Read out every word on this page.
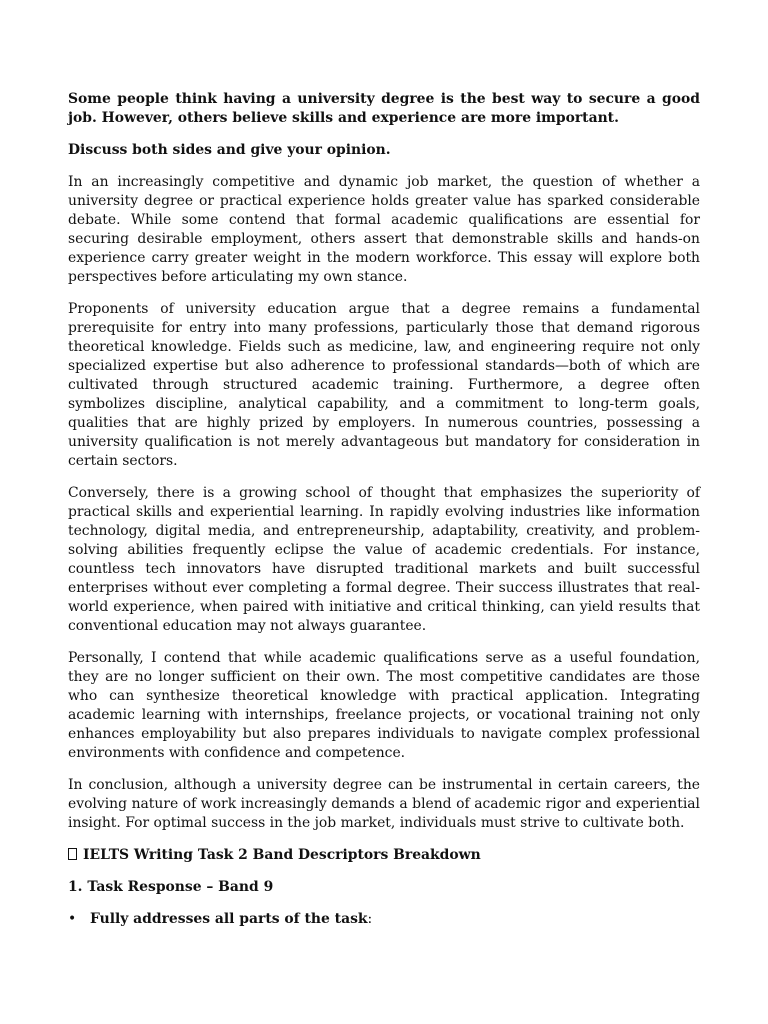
Some people think having a university degree is the best way to secure a good job. However, others believe skills and experience are more important.

Discuss both sides and give your opinion.

In an increasingly competitive and dynamic job market, the question of whether a university degree or practical experience holds greater value has sparked considerable debate. While some contend that formal academic qualifications are essential for securing desirable employment, others assert that demonstrable skills and hands-on experience carry greater weight in the modern workforce. This essay will explore both perspectives before articulating my own stance.

Proponents of university education argue that a degree remains a fundamental prerequisite for entry into many professions, particularly those that demand rigorous theoretical knowledge. Fields such as medicine, law, and engineering require not only specialized expertise but also adherence to professional standards—both of which are cultivated through structured academic training. Furthermore, a degree often symbolizes discipline, analytical capability, and a commitment to long-term goals, qualities that are highly prized by employers. In numerous countries, possessing a university qualification is not merely advantageous but mandatory for consideration in certain sectors.

Conversely, there is a growing school of thought that emphasizes the superiority of practical skills and experiential learning. In rapidly evolving industries like information technology, digital media, and entrepreneurship, adaptability, creativity, and problem-solving abilities frequently eclipse the value of academic credentials. For instance, countless tech innovators have disrupted traditional markets and built successful enterprises without ever completing a formal degree. Their success illustrates that real-world experience, when paired with initiative and critical thinking, can yield results that conventional education may not always guarantee.

Personally, I contend that while academic qualifications serve as a useful foundation, they are no longer sufficient on their own. The most competitive candidates are those who can synthesize theoretical knowledge with practical application. Integrating academic learning with internships, freelance projects, or vocational training not only enhances employability but also prepares individuals to navigate complex professional environments with confidence and competence.

In conclusion, although a university degree can be instrumental in certain careers, the evolving nature of work increasingly demands a blend of academic rigor and experiential insight. For optimal success in the job market, individuals must strive to cultivate both.

IELTS Writing Task 2 Band Descriptors Breakdown

1. Task Response – Band 9

• Fully addresses all parts of the task:
